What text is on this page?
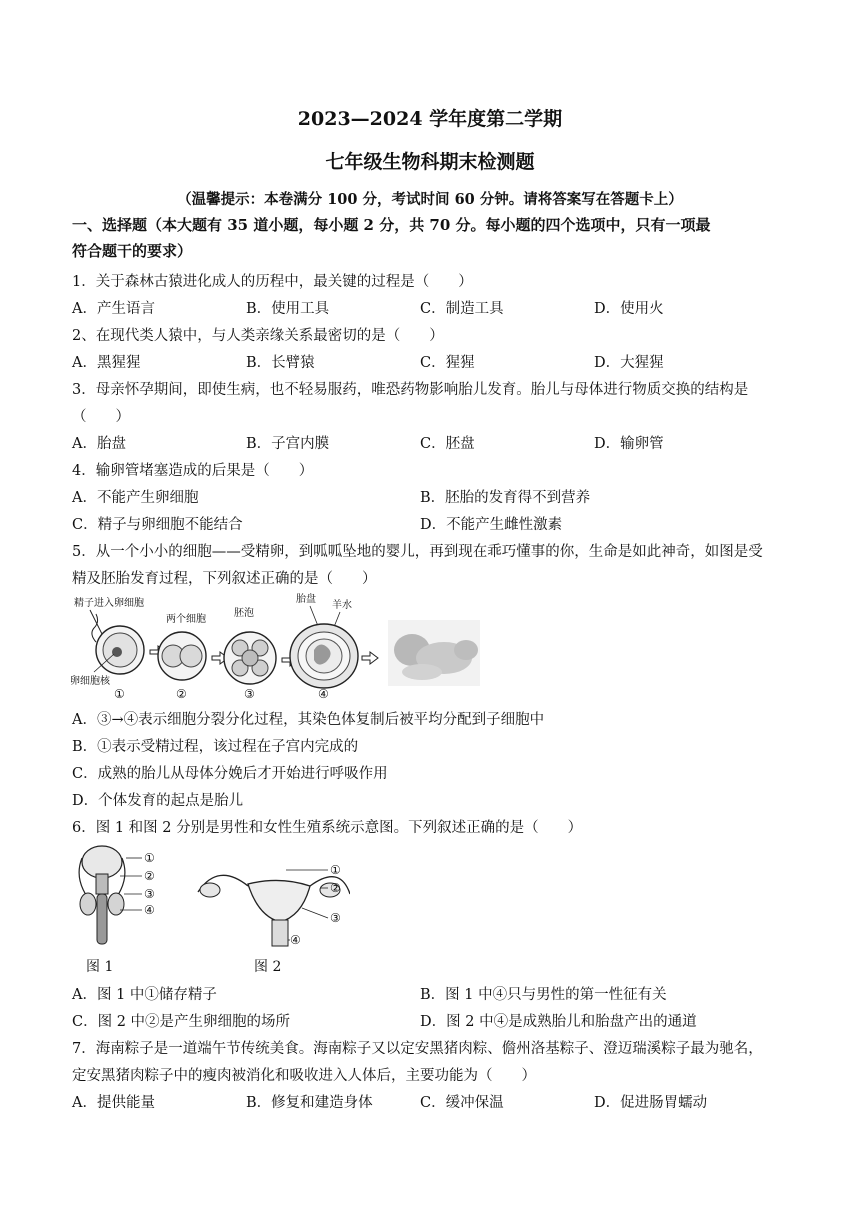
2023—2024 学年度第二学期
七年级生物科期末检测题
（温馨提示：本卷满分 100 分，考试时间 60 分钟。请将答案写在答题卡上）
一、选择题（本大题有 35 道小题，每小题 2 分，共 70 分。每小题的四个选项中，只有一项最
符合题干的要求）
1．关于森林古猿进化成人的历程中，最关键的过程是（　　）
A．产生语言	B．使用工具	C．制造工具	D．使用火
2、在现代类人猿中，与人类亲缘关系最密切的是（　　）
A．黑猩猩	B．长臂猿	C．猩猩	D．大猩猩
3．母亲怀孕期间，即使生病，也不轻易服药，唯恐药物影响胎儿发育。胎儿与母体进行物质交换的结构是
（　　）
A．胎盘	B．子宫内膜	C．胚盘	D．输卵管
4．输卵管堵塞造成的后果是（　　）
A．不能产生卵细胞	B．胚胎的发育得不到营养
C．精子与卵细胞不能结合	D．不能产生雌性激素
5．从一个小小的细胞——受精卵，到呱呱坠地的婴儿，再到现在乖巧懂事的你，生命是如此神奇，如图是受
精及胚胎发育过程，下列叙述正确的是（　　）
精子进入卵细胞
卵细胞核
①
两个细胞
②
胚泡
③
胎盘
羊水
④
A．③→④表示细胞分裂分化过程，其染色体复制后被平均分配到子细胞中
B．①表示受精过程，该过程在子宫内完成的
C．成熟的胎儿从母体分娩后才开始进行呼吸作用
D．个体发育的起点是胎儿
6．图 1 和图 2 分别是男性和女性生殖系统示意图。下列叙述正确的是（　　）
①
②
③
④
①
②
③
④
图 1	图 2
A．图 1 中①储存精子	B．图 1 中④只与男性的第一性征有关
C．图 2 中②是产生卵细胞的场所	D．图 2 中④是成熟胎儿和胎盘产出的通道
7．海南粽子是一道端午节传统美食。海南粽子又以定安黑猪肉粽、儋州洛基粽子、澄迈瑞溪粽子最为驰名，
定安黑猪肉粽子中的瘦肉被消化和吸收进入人体后，主要功能为（　　）
A．提供能量	B．修复和建造身体	C．缓冲保温	D．促进肠胃蠕动
